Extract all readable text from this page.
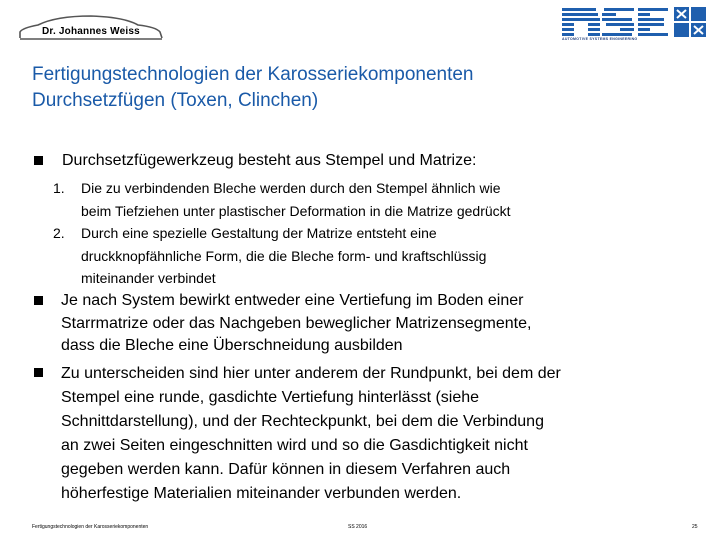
Dr. Johannes Weiss
AUTOMOTIVE SYSTEMS ENGINEERING
Fertigungstechnologien der Karosseriekomponenten
Durchsetzfügen (Toxen, Clinchen)
Durchsetzfügewerkzeug besteht aus Stempel und Matrize:
1. Die zu verbindenden Bleche werden durch den Stempel ähnlich wie
beim Tiefziehen unter plastischer Deformation in die Matrize gedrückt
2. Durch eine spezielle Gestaltung der Matrize entsteht eine
druckknopfähnliche Form, die die Bleche form- und kraftschlüssig
miteinander verbindet
Je nach System bewirkt entweder eine Vertiefung im Boden einer
Starrmatrize oder das Nachgeben beweglicher Matrizensegmente,
dass die Bleche eine Überschneidung ausbilden
Zu unterscheiden sind hier unter anderem der Rundpunkt, bei dem der
Stempel eine runde, gasdichte Vertiefung hinterlässt (siehe
Schnittdarstellung), und der Rechteckpunkt, bei dem die Verbindung
an zwei Seiten eingeschnitten wird und so die Gasdichtigkeit nicht
gegeben werden kann. Dafür können in diesem Verfahren auch
höherfestige Materialien miteinander verbunden werden.
Fertigungstechnologien der Karosseriekomponenten	SS 2016	25
